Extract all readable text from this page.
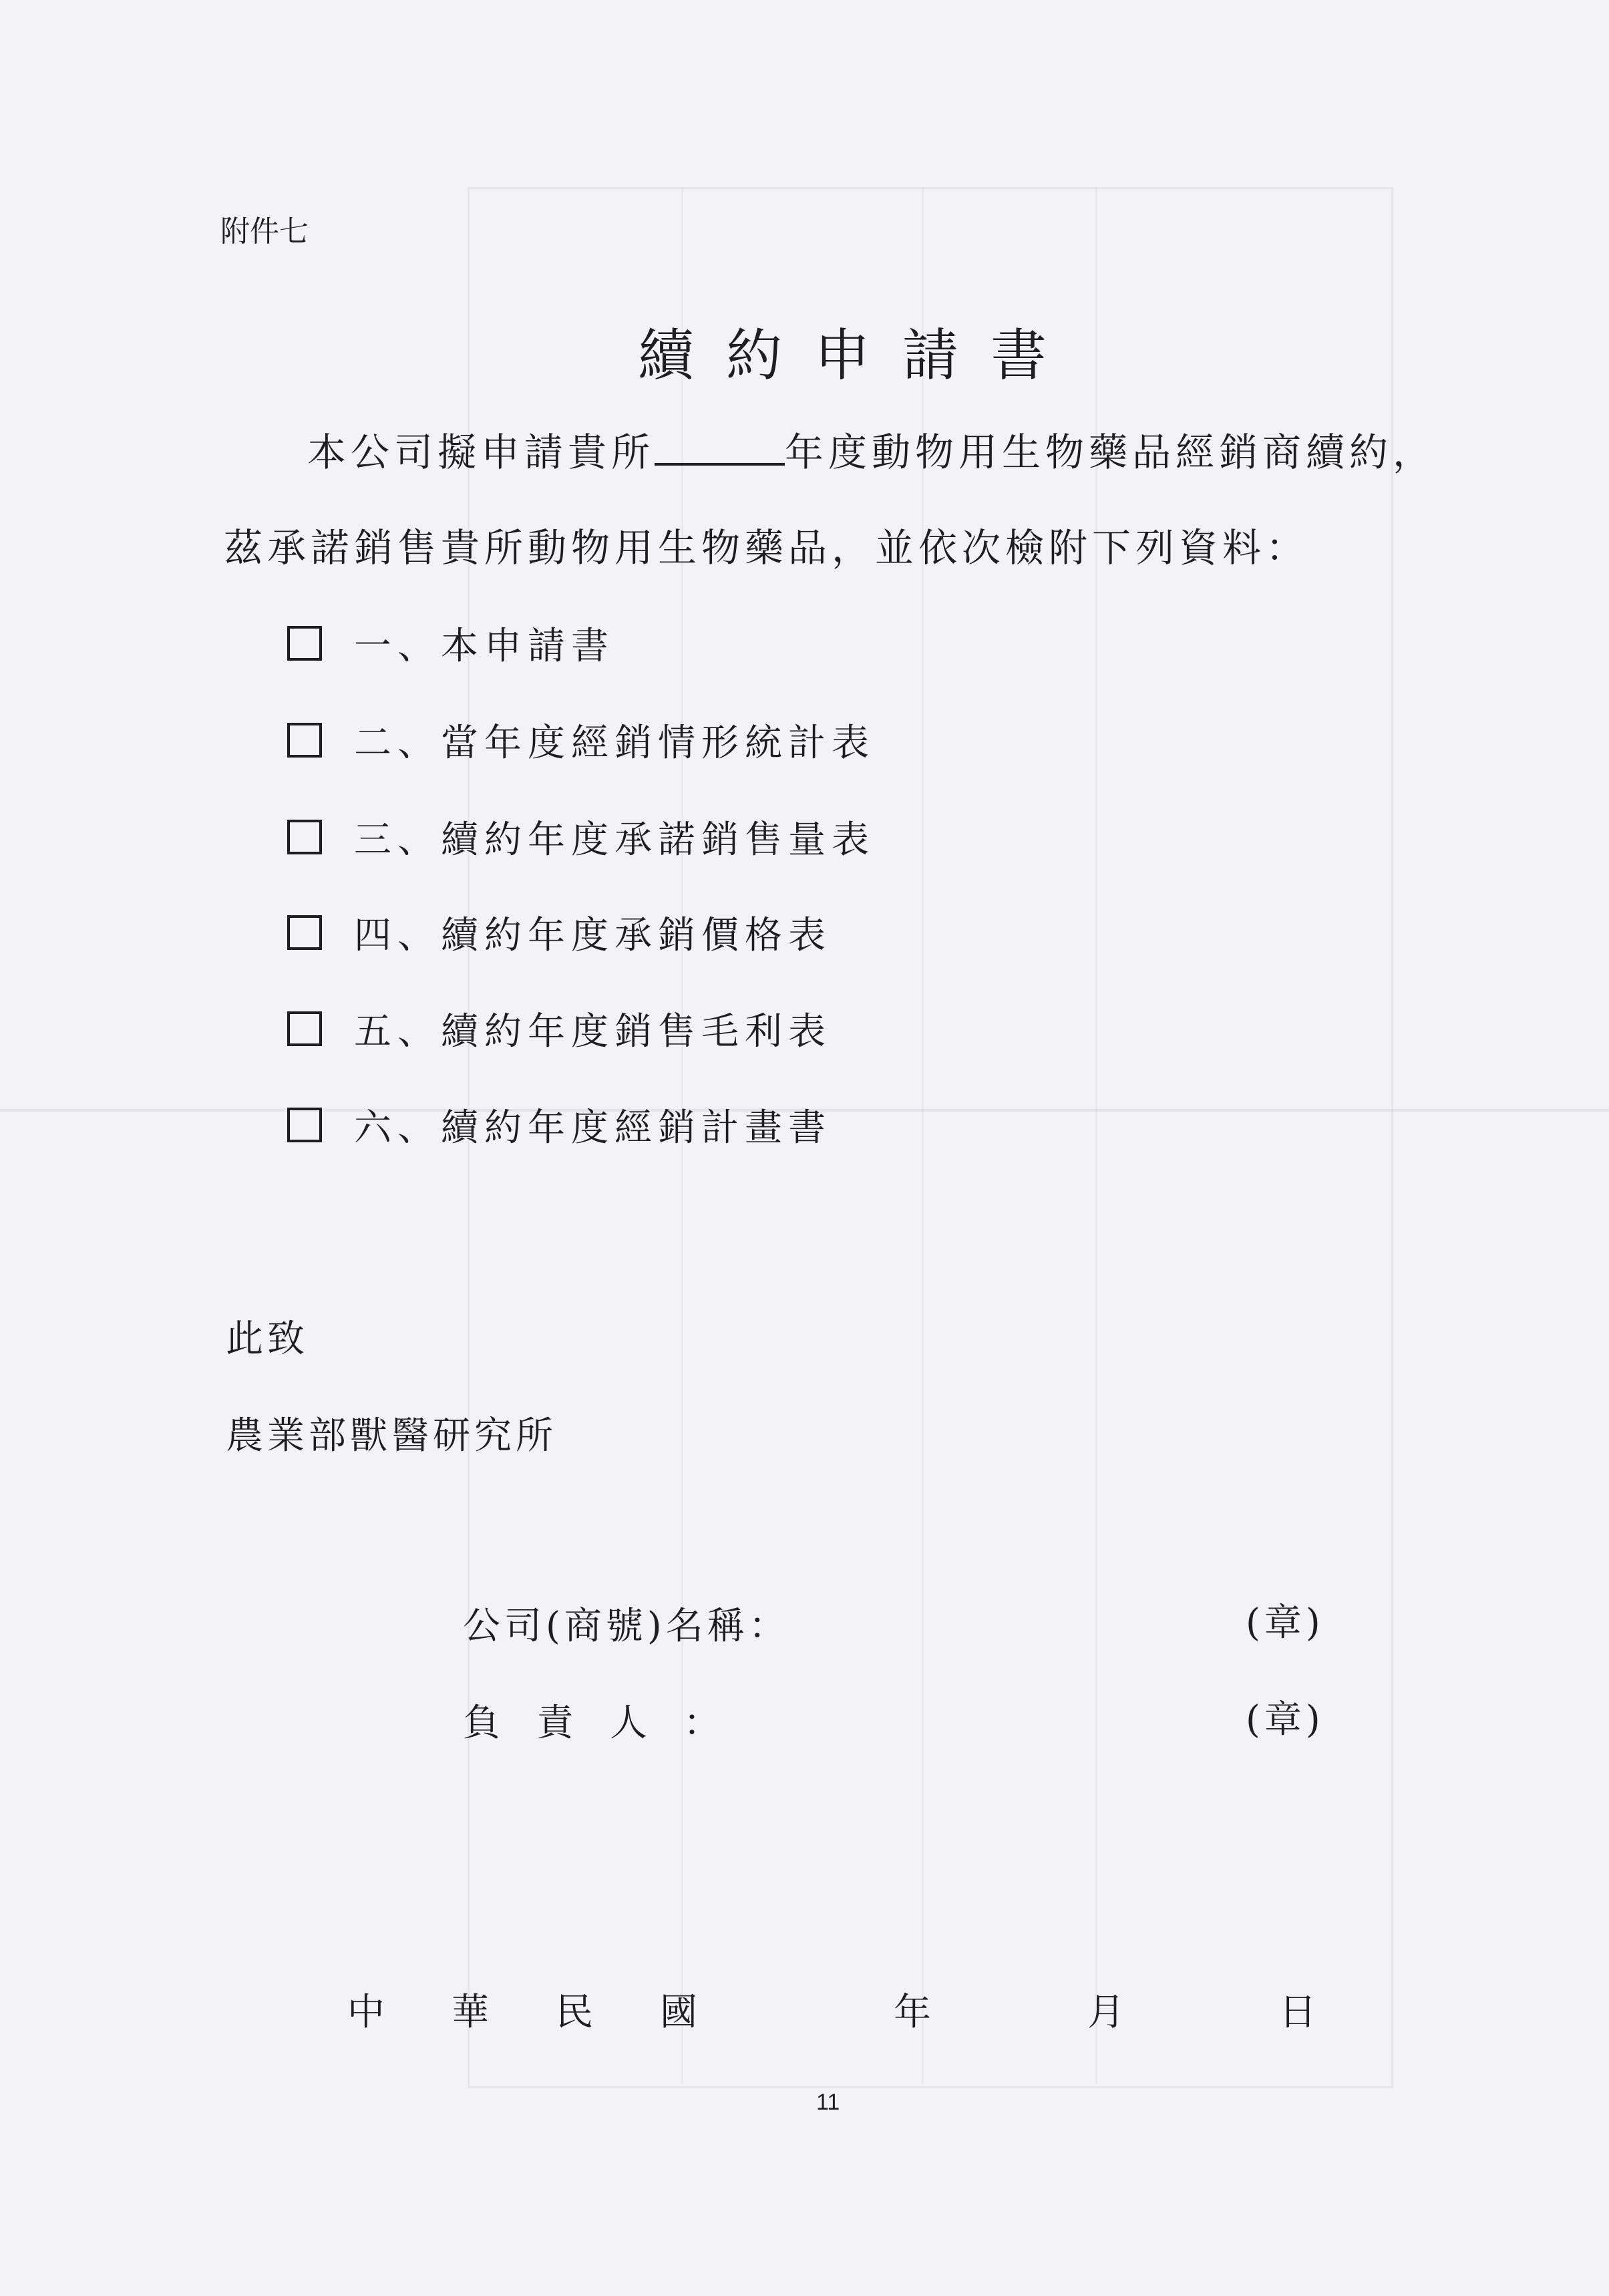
附件七
續約申請書
本公司擬申請貴所	年度動物用生物藥品經銷商續約，
茲承諾銷售貴所動物用生物藥品，並依次檢附下列資料：
一、本申請書
二、當年度經銷情形統計表
三、續約年度承諾銷售量表
四、續約年度承銷價格表
五、續約年度銷售毛利表
六、續約年度經銷計畫書
此致
農業部獸醫研究所
公司(商號)名稱：	(章)
負責人：	(章)
中 華 民 國	年	月	日
11
